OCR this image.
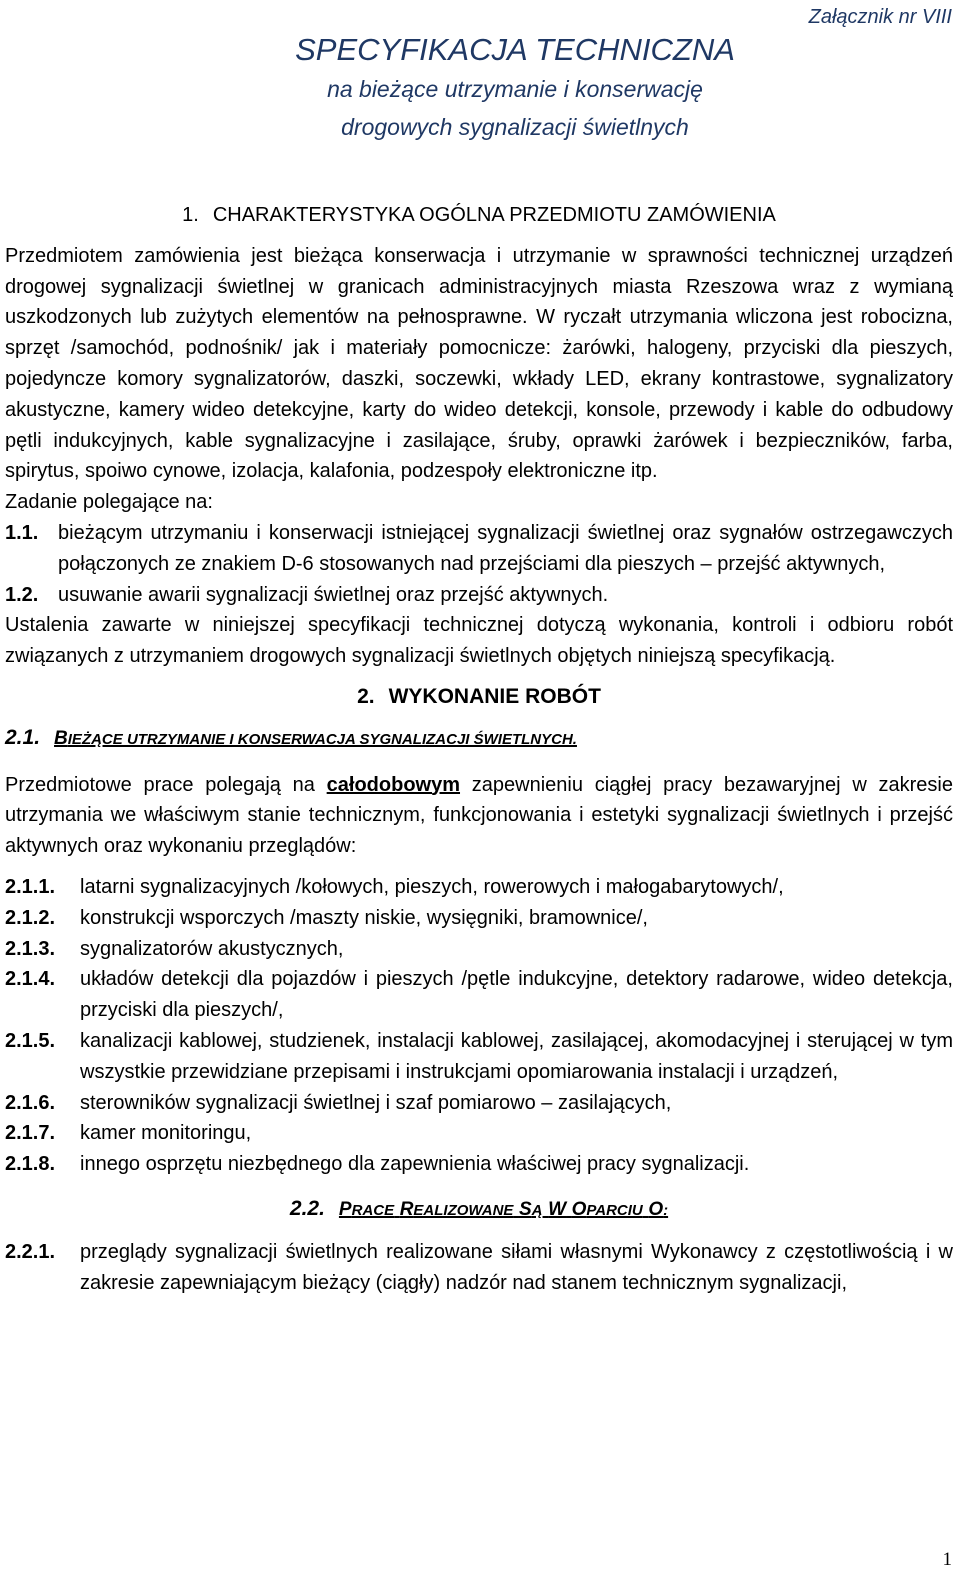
Załącznik nr VIII
SPECYFIKACJA TECHNICZNA
na bieżące utrzymanie i konserwację
drogowych sygnalizacji świetlnych
1. CHARAKTERYSTYKA OGÓLNA PRZEDMIOTU ZAMÓWIENIA

Przedmiotem zamówienia jest bieżąca konserwacja i utrzymanie w sprawności technicznej urządzeń drogowej sygnalizacji świetlnej w granicach administracyjnych miasta Rzeszowa wraz z wymianą uszkodzonych lub zużytych elementów na pełnosprawne. W ryczałt utrzymania wliczona jest robocizna, sprzęt /samochód, podnośnik/ jak i materiały pomocnicze: żarówki, halogeny, przyciski dla pieszych, pojedyncze komory sygnalizatorów, daszki, soczewki, wkłady LED, ekrany kontrastowe, sygnalizatory akustyczne, kamery wideo detekcyjne, karty do wideo detekcji, konsole, przewody i kable do odbudowy pętli indukcyjnych, kable sygnalizacyjne i zasilające, śruby, oprawki żarówek i bezpieczników, farba, spirytus, spoiwo cynowe, izolacja, kalafonia, podzespoły elektroniczne itp.

Zadanie polegające na:

1.1. bieżącym utrzymaniu i konserwacji istniejącej sygnalizacji świetlnej oraz sygnałów ostrzegawczych połączonych ze znakiem D-6 stosowanych nad przejściami dla pieszych – przejść aktywnych,
1.2. usuwanie awarii sygnalizacji świetlnej oraz przejść aktywnych.

Ustalenia zawarte w niniejszej specyfikacji technicznej dotyczą wykonania, kontroli i odbioru robót związanych z utrzymaniem drogowych sygnalizacji świetlnych objętych niniejszą specyfikacją.

2. WYKONANIE ROBÓT
2.1. BIEŻĄCE UTRZYMANIE I KONSERWACJA SYGNALIZACJI ŚWIETLNYCH.

Przedmiotowe prace polegają na całodobowym zapewnieniu ciągłej pracy bezawaryjnej w zakresie utrzymania we właściwym stanie technicznym, funkcjonowania i estetyki sygnalizacji świetlnych i przejść aktywnych oraz wykonaniu przeglądów:

2.1.1.	latarni sygnalizacyjnych /kołowych, pieszych, rowerowych i małogabarytowych/,
2.1.2.	konstrukcji wsporczych /maszty niskie, wysięgniki, bramownice/,
2.1.3.	sygnalizatorów akustycznych,
2.1.4.	układów detekcji dla pojazdów i pieszych /pętle indukcyjne, detektory radarowe, wideo detekcja, przyciski dla pieszych/,
2.1.5.	kanalizacji kablowej, studzienek, instalacji kablowej, zasilającej, akomodacyjnej i sterującej w tym wszystkie przewidziane przepisami i instrukcjami opomiarowania instalacji i urządzeń,
2.1.6.	sterowników sygnalizacji świetlnej i szaf pomiarowo – zasilających,
2.1.7.	kamer monitoringu,
2.1.8.	innego osprzętu niezbędnego dla zapewnienia właściwej pracy sygnalizacji.
2.2. PRACE REALIZOWANE SĄ W OPARCIU O:
2.2.1.	przeglądy sygnalizacji świetlnych realizowane siłami własnymi Wykonawcy z częstotliwością i w zakresie zapewniającym bieżący (ciągły) nadzór nad stanem technicznym sygnalizacji,
1
